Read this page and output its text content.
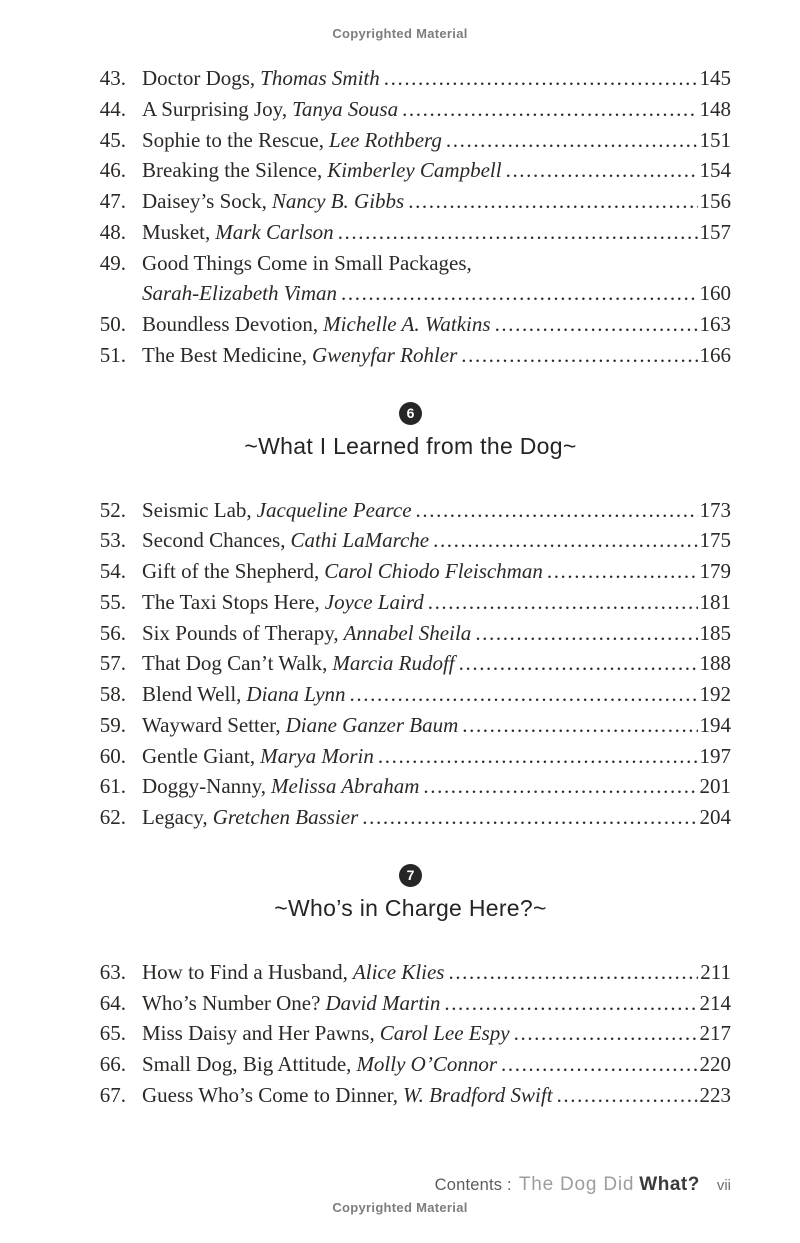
Copyrighted Material
43. Doctor Dogs, Thomas Smith .....	145
44. A Surprising Joy, Tanya Sousa .....	148
45. Sophie to the Rescue, Lee Rothberg .....	151
46. Breaking the Silence, Kimberley Campbell .....	154
47. Daisey’s Sock, Nancy B. Gibbs .....	156
48. Musket, Mark Carlson .....	157
49. Good Things Come in Small Packages,
Sarah-Elizabeth Viman .....	160
50. Boundless Devotion, Michelle A. Watkins .....	163
51. The Best Medicine, Gwenyfar Rohler .....	166
6
~What I Learned from the Dog~
52. Seismic Lab, Jacqueline Pearce .....	173
53. Second Chances, Cathi LaMarche .....	175
54. Gift of the Shepherd, Carol Chiodo Fleischman .....	179
55. The Taxi Stops Here, Joyce Laird .....	181
56. Six Pounds of Therapy, Annabel Sheila .....	185
57. That Dog Can’t Walk, Marcia Rudoff .....	188
58. Blend Well, Diana Lynn .....	192
59. Wayward Setter, Diane Ganzer Baum .....	194
60. Gentle Giant, Marya Morin .....	197
61. Doggy-Nanny, Melissa Abraham .....	201
62. Legacy, Gretchen Bassier .....	204
7
~Who’s in Charge Here?~
63. How to Find a Husband, Alice Klies .....	211
64. Who’s Number One? David Martin .....	214
65. Miss Daisy and Her Pawns, Carol Lee Espy .....	217
66. Small Dog, Big Attitude, Molly O’Connor .....	220
67. Guess Who’s Come to Dinner, W. Bradford Swift .....	223
Contents : The Dog Did What? vii
Copyrighted Material
